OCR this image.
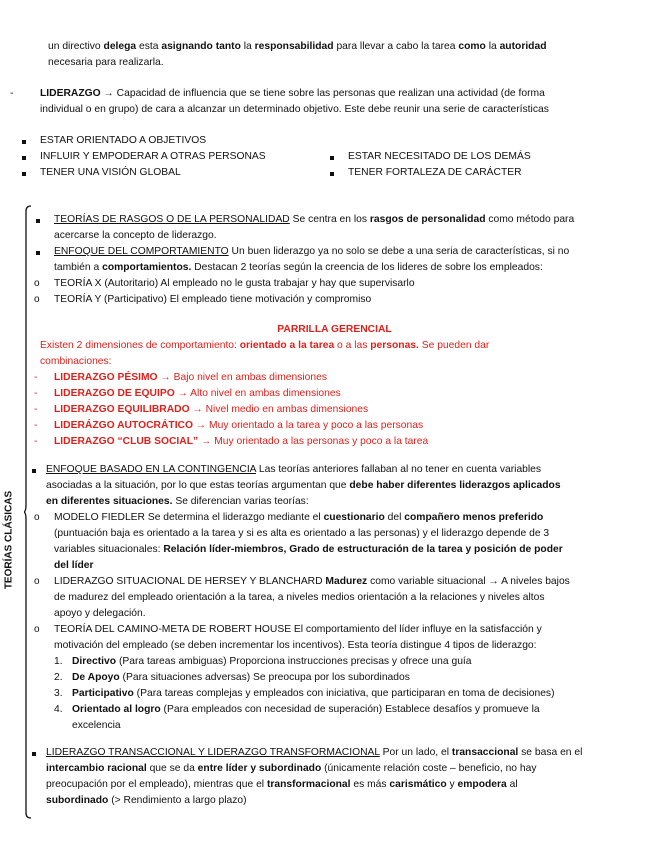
un directivo delega esta asignando tanto la responsabilidad para llevar a cabo la tarea como la autoridad
necesaria para realizarla.
-	LIDERAZGO → Capacidad de influencia que se tiene sobre las personas que realizan una actividad (de forma
individual o en grupo) de cara a alcanzar un determinado objetivo. Este debe reunir una serie de características
ESTAR ORIENTADO A OBJETIVOS
INFLUIR Y EMPODERAR A OTRAS PERSONAS
TENER UNA VISIÓN GLOBAL
ESTAR NECESITADO DE LOS DEMÁS
TENER FORTALEZA DE CARÁCTER
TEORÍAS CLÁSICAS
TEORÍAS DE RASGOS O DE LA PERSONALIDAD Se centra en los rasgos de personalidad como método para
acercarse la concepto de liderazgo.
ENFOQUE DEL COMPORTAMIENTO Un buen liderazgo ya no solo se debe a una seria de características, si no
también a comportamientos. Destacan 2 teorías según la creencia de los lideres de sobre los empleados:
o TEORÍA X (Autoritario) Al empleado no le gusta trabajar y hay que supervisarlo
o TEORÍA Y (Participativo) El empleado tiene motivación y compromiso
PARRILLA GERENCIAL
Existen 2 dimensiones de comportamiento: orientado a la tarea o a las personas. Se pueden dar
combinaciones:
- LIDERAZGO PÉSIMO → Bajo nivel en ambas dimensiones
- LIDERAZGO DE EQUIPO → Alto nivel en ambas dimensiones
- LIDERAZGO EQUILIBRADO → Nivel medio en ambas dimensiones
- LIDERÁZGO AUTOCRÁTICO → Muy orientado a la tarea y poco a las personas
- LIDERAZGO “CLUB SOCIAL” → Muy orientado a las personas y poco a la tarea
ENFOQUE BASADO EN LA CONTINGENCIA Las teorías anteriores fallaban al no tener en cuenta variables
asociadas a la situación, por lo que estas teorías argumentan que debe haber diferentes liderazgos aplicados
en diferentes situaciones. Se diferencian varias teorías:
o MODELO FIEDLER Se determina el liderazgo mediante el cuestionario del compañero menos preferido
(puntuación baja es orientado a la tarea y si es alta es orientado a las personas) y el liderazgo depende de 3
variables situacionales: Relación líder-miembros, Grado de estructuración de la tarea y posición de poder
del líder
o LIDERAZGO SITUACIONAL DE HERSEY Y BLANCHARD Madurez como variable situacional → A niveles bajos
de madurez del empleado orientación a la tarea, a niveles medios orientación a la relaciones y niveles altos
apoyo y delegación.
o TEORÍA DEL CAMINO-META DE ROBERT HOUSE El comportamiento del líder influye en la satisfacción y
motivación del empleado (se deben incrementar los incentivos). Esta teoría distingue 4 tipos de liderazgo:
1. Directivo (Para tareas ambiguas) Proporciona instrucciones precisas y ofrece una guía
2. De Apoyo (Para situaciones adversas) Se preocupa por los subordinados
3. Participativo (Para tareas complejas y empleados con iniciativa, que participaran en toma de decisiones)
4. Orientado al logro (Para empleados con necesidad de superación) Establece desafíos y promueve la
excelencia
LIDERAZGO TRANSACCIONAL Y LIDERAZGO TRANSFORMACIONAL Por un lado, el transaccional se basa en el
intercambio racional que se da entre líder y subordinado (únicamente relación coste – beneficio, no hay
preocupación por el empleado), mientras que el transformacional es más carismático y empodera al
subordinado (> Rendimiento a largo plazo)
